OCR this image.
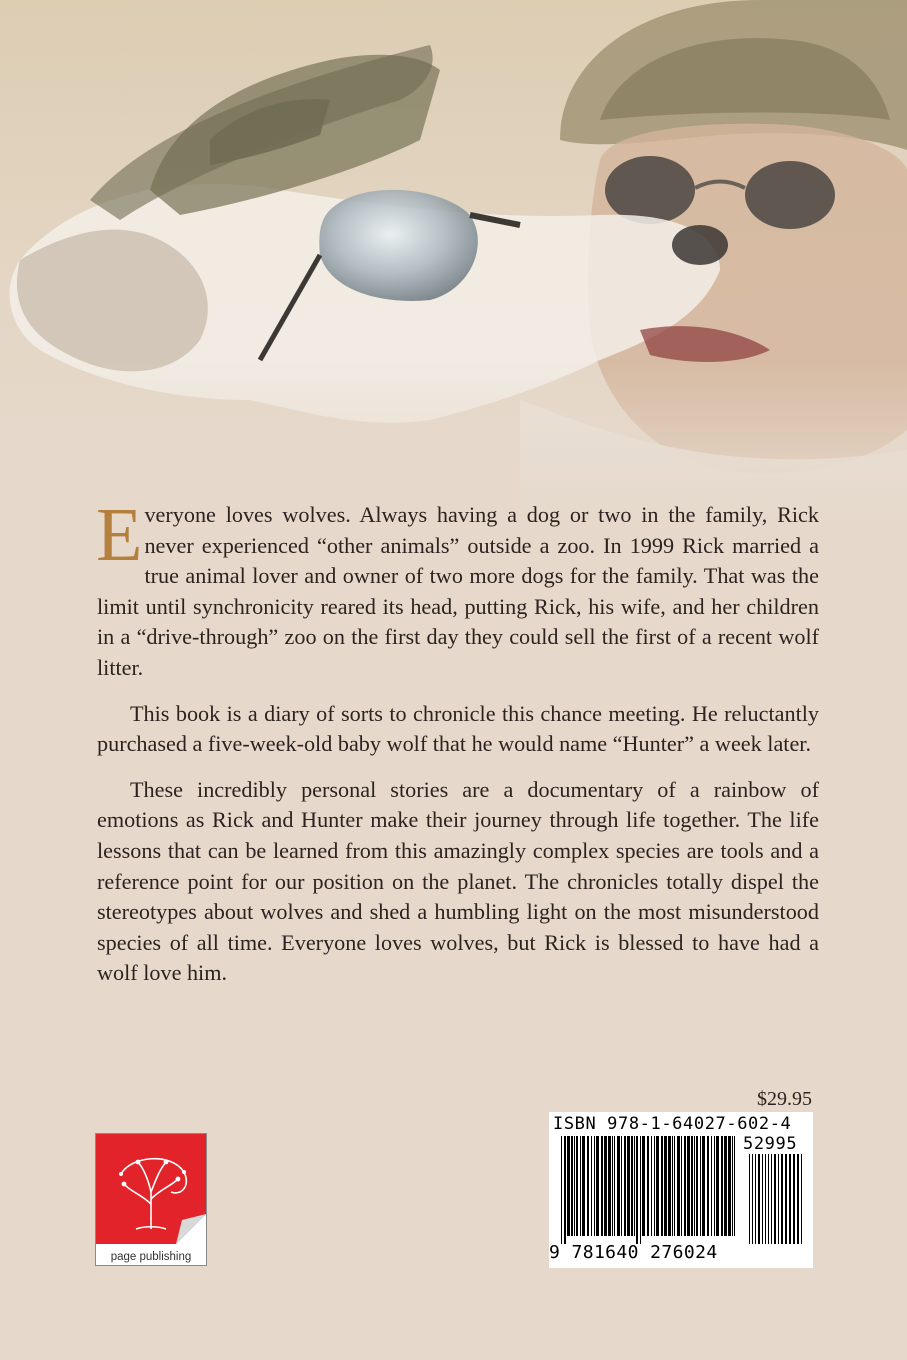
Everyone loves wolves. Always having a dog or two in the family, Rick never experienced “other animals” outside a zoo. In 1999 Rick married a true animal lover and owner of two more dogs for the family. That was the limit until synchronicity reared its head, putting Rick, his wife, and her children in a “drive-through” zoo on the first day they could sell the first of a recent wolf litter.

This book is a diary of sorts to chronicle this chance meeting. He reluctantly purchased a five-week-old baby wolf that he would name “Hunter” a week later.

These incredibly personal stories are a documentary of a rainbow of emotions as Rick and Hunter make their journey through life together. The life lessons that can be learned from this amazingly complex species are tools and a reference point for our position on the planet. The chronicles totally dispel the stereotypes about wolves and shed a humbling light on the most misunderstood species of all time. Everyone loves wolves, but Rick is blessed to have had a wolf love him.

$29.95
ISBN 978-1-64027-602-4
52995
9 781640 276024
page publishing
